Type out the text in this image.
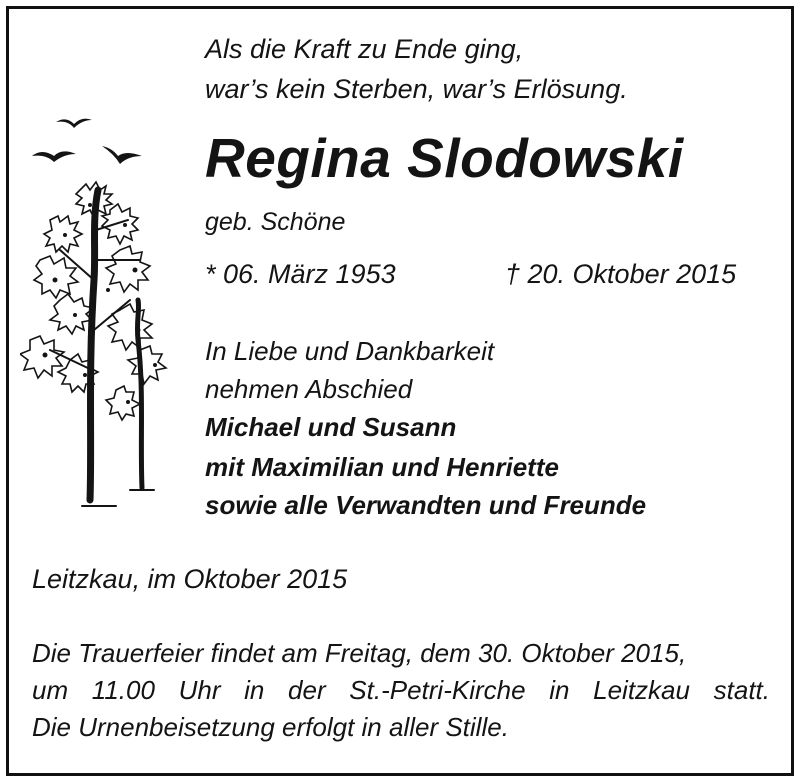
Als die Kraft zu Ende ging,
war’s kein Sterben, war’s Erlösung.
Regina Slodowski
geb. Schöne
* 06. März 1953	† 20. Oktober 2015
In Liebe und Dankbarkeit
nehmen Abschied
Michael und Susann
mit Maximilian und Henriette
sowie alle Verwandten und Freunde
Leitzkau, im Oktober 2015
Die Trauerfeier findet am Freitag, dem 30. Oktober 2015,
um 11.00 Uhr in der St.-Petri-Kirche in Leitzkau statt.
Die Urnenbeisetzung erfolgt in aller Stille.
